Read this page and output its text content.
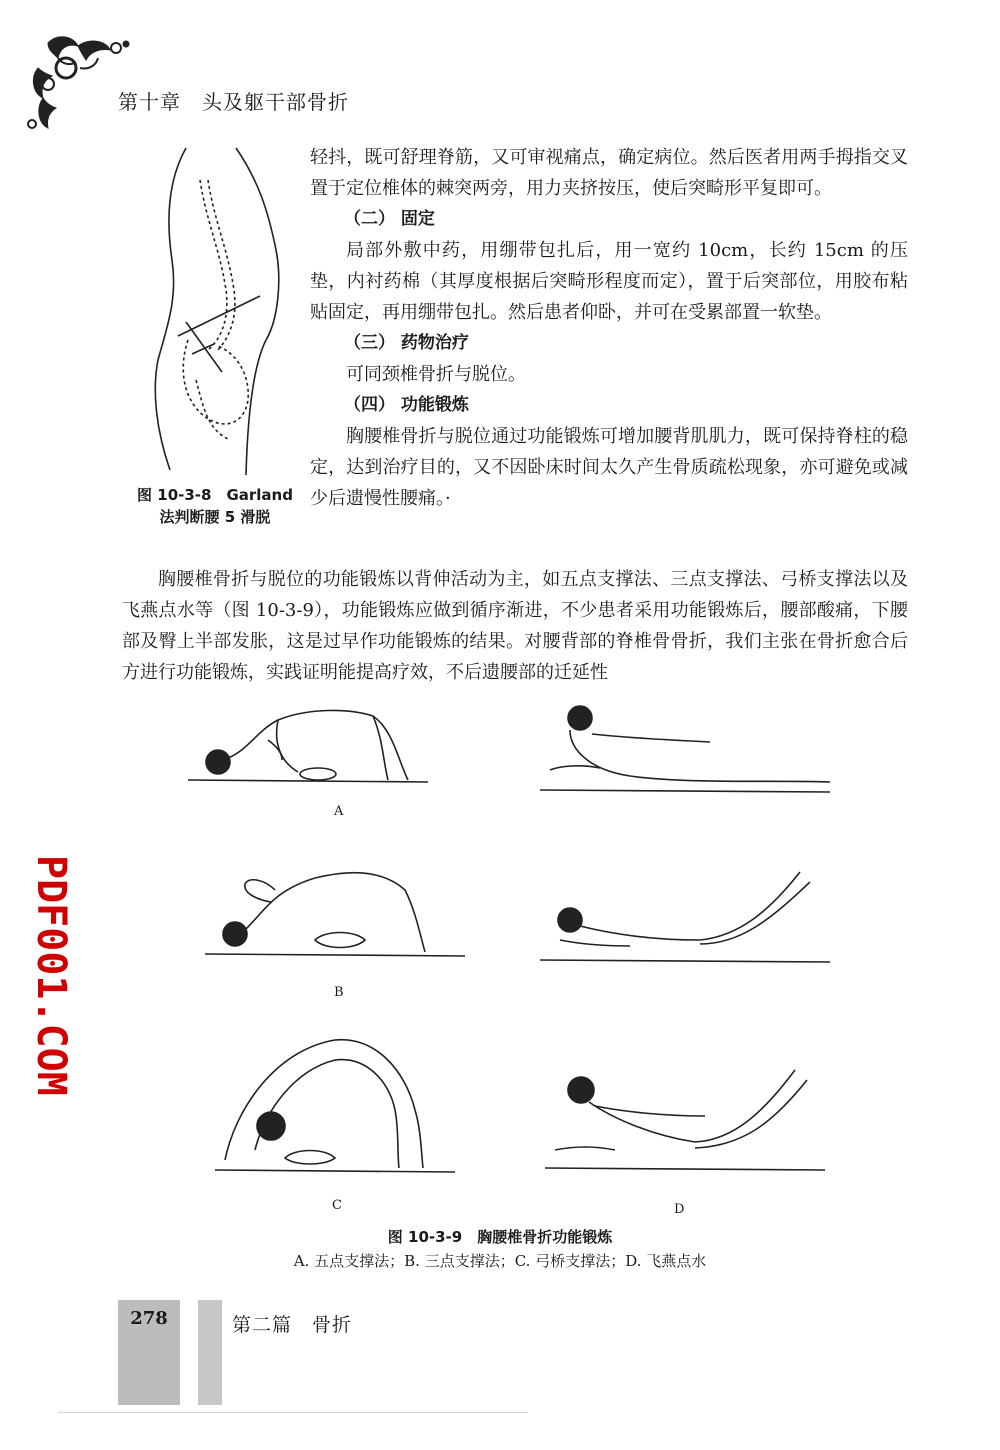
第十章　头及躯干部骨折
图 10-3-8　Garland
法判断腰 5 滑脱

轻抖，既可舒理脊筋，又可审视痛点，确定病位。然后医者用两手拇指交叉置于定位椎体的棘突两旁，用力夹挤按压，使后突畸形平复即可。

（二） 固定

局部外敷中药，用绷带包扎后，用一宽约 10cm，长约 15cm 的压垫，内衬药棉（其厚度根据后突畸形程度而定），置于后突部位，用胶布粘贴固定，再用绷带包扎。然后患者仰卧，并可在受累部置一软垫。

（三） 药物治疗

可同颈椎骨折与脱位。

（四） 功能锻炼

胸腰椎骨折与脱位通过功能锻炼可增加腰背肌肌力，既可保持脊柱的稳定，达到治疗目的，又不因卧床时间太久产生骨质疏松现象，亦可避免或减少后遗慢性腰痛。·

胸腰椎骨折与脱位的功能锻炼以背伸活动为主，如五点支撑法、三点支撑法、弓桥支撑法以及飞燕点水等（图 10-3-9），功能锻炼应做到循序渐进，不少患者采用功能锻炼后，腰部酸痛，下腰部及臀上半部发胀，这是过早作功能锻炼的结果。对腰背部的脊椎骨骨折，我们主张在骨折愈合后方进行功能锻炼，实践证明能提高疗效，不后遗腰部的迁延性
A
B
C	D
图 10-3-9　胸腰椎骨折功能锻炼
A. 五点支撑法；B. 三点支撑法；C. 弓桥支撑法；D. 飞燕点水
278	第二篇　骨折
PDF001.COM
